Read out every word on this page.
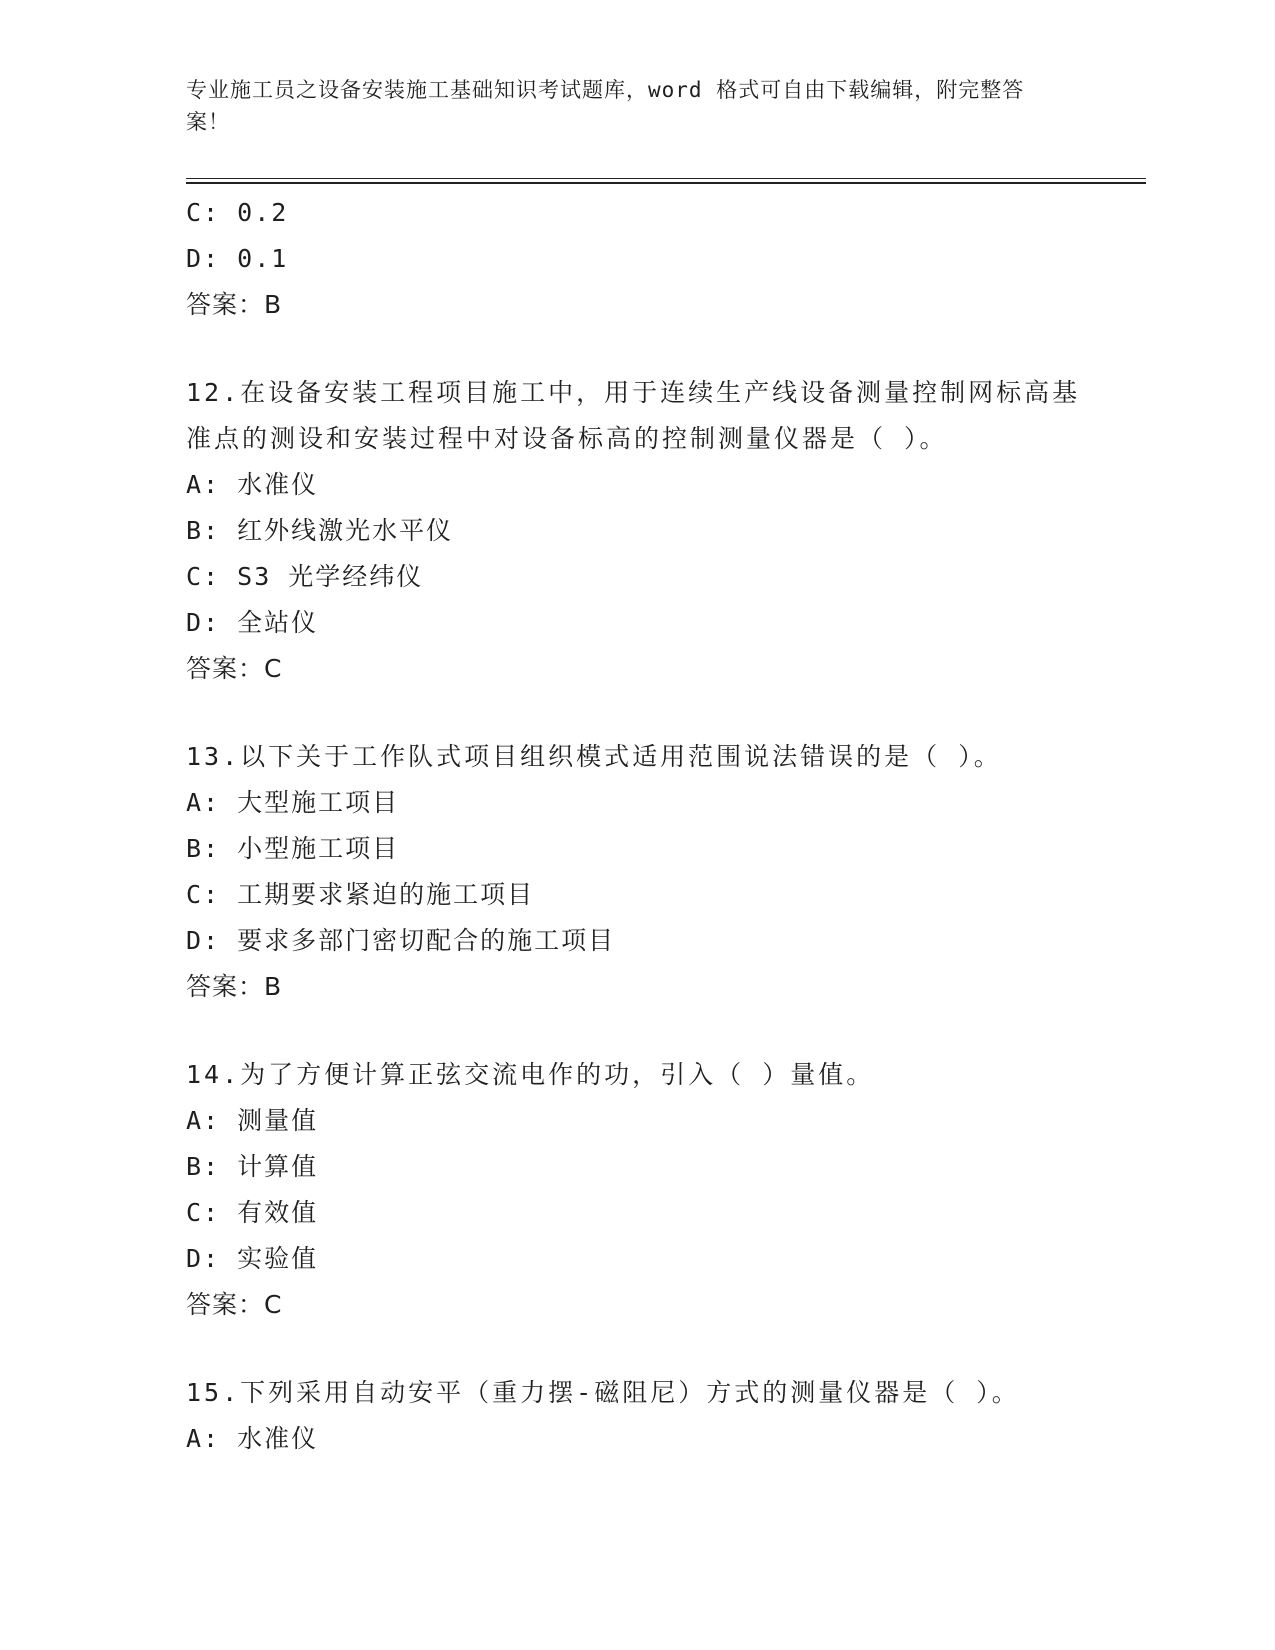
专业施工员之设备安装施工基础知识考试题库，word 格式可自由下载编辑，附完整答案！
C: 0.2
D: 0.1
答案：B
12.在设备安装工程项目施工中，用于连续生产线设备测量控制网标高基准点的测设和安装过程中对设备标高的控制测量仪器是（ ）。
A: 水准仪
B: 红外线激光水平仪
C: S3 光学经纬仪
D: 全站仪
答案：C
13.以下关于工作队式项目组织模式适用范围说法错误的是（ ）。
A: 大型施工项目
B: 小型施工项目
C: 工期要求紧迫的施工项目
D: 要求多部门密切配合的施工项目
答案：B
14.为了方便计算正弦交流电作的功，引入（ ）量值。
A: 测量值
B: 计算值
C: 有效值
D: 实验值
答案：C
15.下列采用自动安平（重力摆-磁阻尼）方式的测量仪器是（ ）。
A: 水准仪
